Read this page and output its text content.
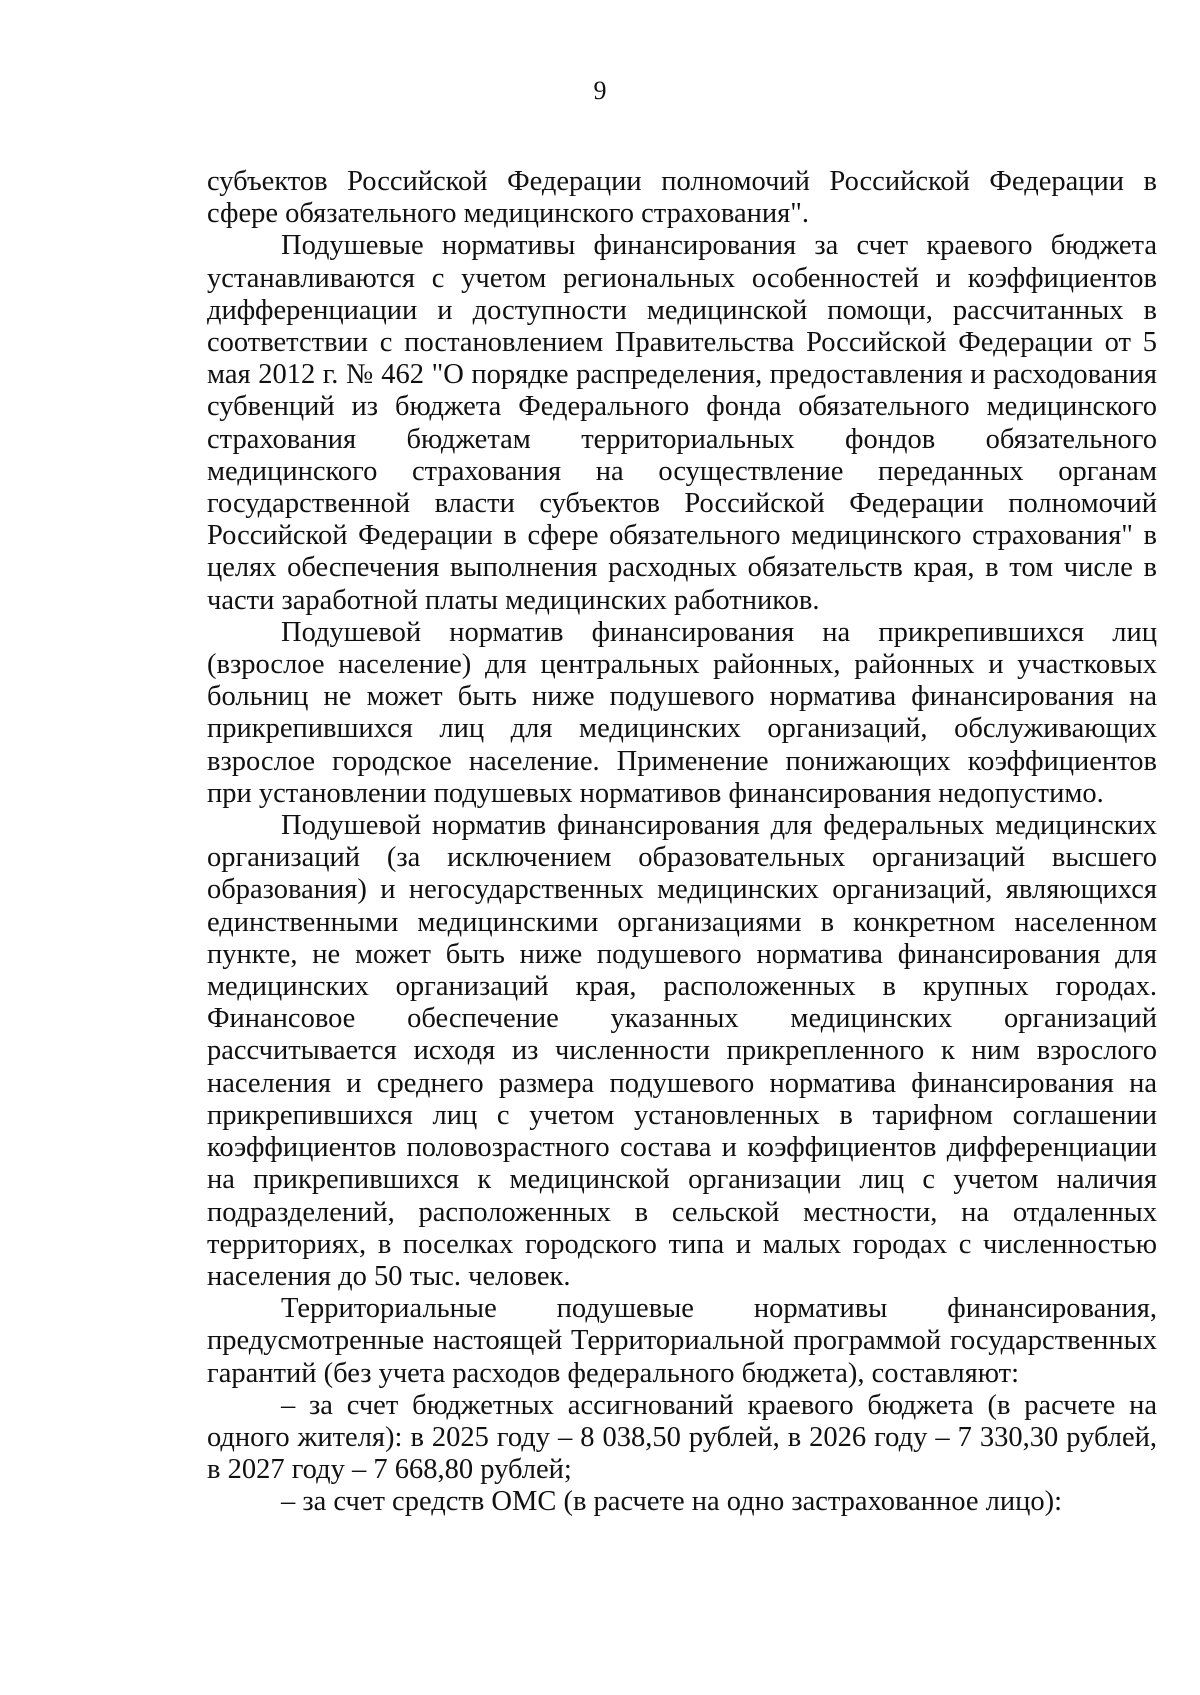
9

субъектов Российской Федерации полномочий Российской Федерации в сфере обязательного медицинского страхования".

Подушевые нормативы финансирования за счет краевого бюджета устанавливаются с учетом региональных особенностей и коэффициентов дифференциации и доступности медицинской помощи, рассчитанных в соответствии с постановлением Правительства Российской Федерации от 5 мая 2012 г. № 462 "О порядке распределения, предоставления и расходования субвенций из бюджета Федерального фонда обязательного медицинского страхования бюджетам территориальных фондов обязательного медицинского страхования на осуществление переданных органам государственной власти субъектов Российской Федерации полномочий Российской Федерации в сфере обязательного медицинского страхования" в целях обеспечения выполнения расходных обязательств края, в том числе в части заработной платы медицинских работников.

Подушевой норматив финансирования на прикрепившихся лиц (взрослое население) для центральных районных, районных и участковых больниц не может быть ниже подушевого норматива финансирования на прикрепившихся лиц для медицинских организаций, обслуживающих взрослое городское население. Применение понижающих коэффициентов при установлении подушевых нормативов финансирования недопустимо.

Подушевой норматив финансирования для федеральных медицинских организаций (за исключением образовательных организаций высшего образования) и негосударственных медицинских организаций, являющихся единственными медицинскими организациями в конкретном населенном пункте, не может быть ниже подушевого норматива финансирования для медицинских организаций края, расположенных в крупных городах. Финансовое обеспечение указанных медицинских организаций рассчитывается исходя из численности прикрепленного к ним взрослого населения и среднего размера подушевого норматива финансирования на прикрепившихся лиц с учетом установленных в тарифном соглашении коэффициентов половозрастного состава и коэффициентов дифференциации на прикрепившихся к медицинской организации лиц с учетом наличия подразделений, расположенных в сельской местности, на отдаленных территориях, в поселках городского типа и малых городах с численностью населения до 50 тыс. человек.

Территориальные подушевые нормативы финансирования, предусмотренные настоящей Территориальной программой государственных гарантий (без учета расходов федерального бюджета), составляют:

– за счет бюджетных ассигнований краевого бюджета (в расчете на одного жителя): в 2025 году – 8 038,50 рублей, в 2026 году – 7 330,30 рублей, в 2027 году – 7 668,80 рублей;

– за счет средств ОМС (в расчете на одно застрахованное лицо):
